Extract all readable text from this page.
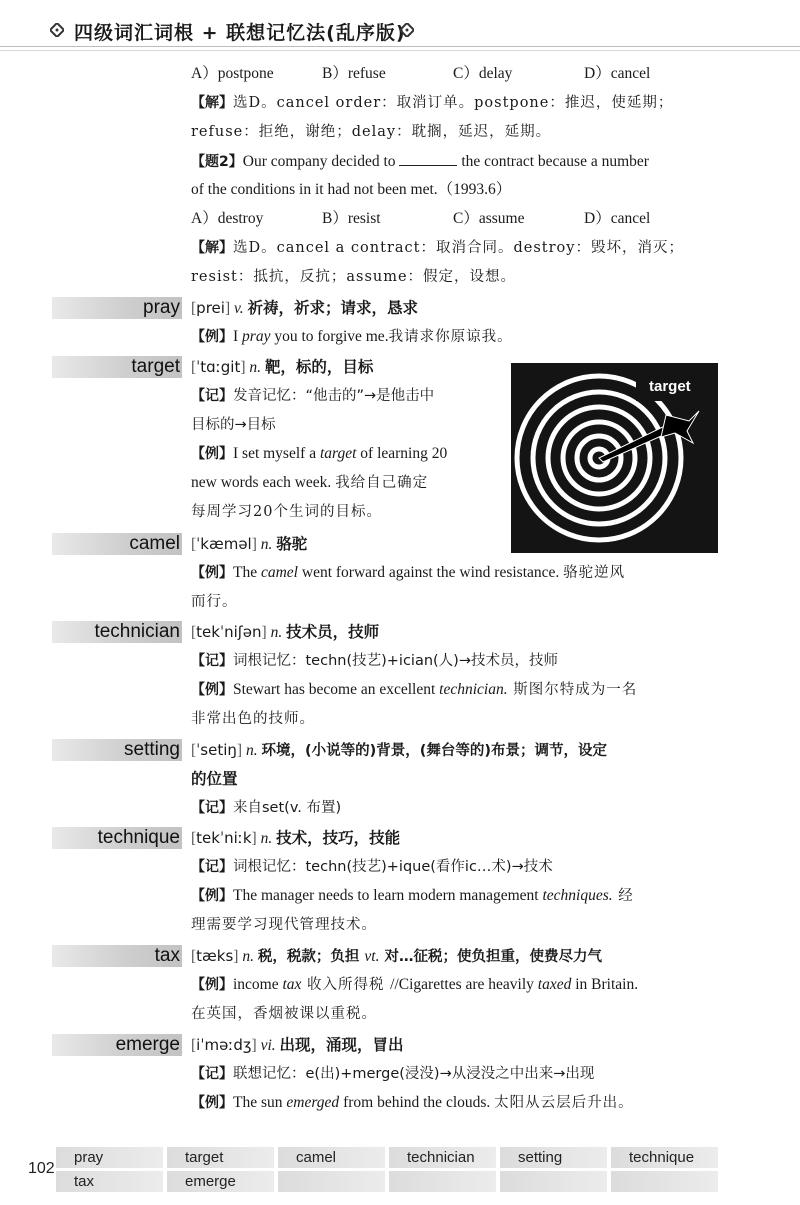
四级词汇词根 + 联想记忆法(乱序版)
A）postpone	B）refuse	C）delay	D）cancel
【解】选D。cancel order：取消订单。postpone：推迟，使延期；
refuse：拒绝，谢绝；delay：耽搁，延迟，延期。
【题2】Our company decided to	the contract because a number
of the conditions in it had not been met.（1993.6）
A）destroy	B）resist	C）assume	D）cancel
【解】选D。cancel a contract：取消合同。destroy：毁坏，消灭；
resist：抵抗，反抗；assume：假定，设想。
pray [prei] v. 祈祷，祈求；请求，恳求
【例】I pray you to forgive me.我请求你原谅我。
target [ˈtɑːgit] n. 靶，标的，目标
【记】发音记忆：“他击的”→是他击中
目标的→目标
【例】I set myself a target of learning 20
new words each week. 我给自己确定
每周学习20个生词的目标。
target
camel [ˈkæməl] n. 骆驼
【例】The camel went forward against the wind resistance. 骆驼逆风
而行。
technician [tekˈniʃən] n. 技术员，技师
【记】词根记忆：techn(技艺)+ician(人)→技术员，技师
【例】Stewart has become an excellent technician. 斯图尔特成为一名
非常出色的技师。
setting [ˈsetiŋ] n. 环境，(小说等的)背景，(舞台等的)布景；调节，设定
的位置
【记】来自set(v. 布置)
technique [tekˈniːk] n. 技术，技巧，技能
【记】词根记忆：techn(技艺)+ique(看作ic…术)→技术
【例】The manager needs to learn modern management techniques. 经
理需要学习现代管理技术。
tax [tæks] n. 税，税款；负担 vt. 对…征税；使负担重，使费尽力气
【例】income tax 收入所得税 //Cigarettes are heavily taxed in Britain.
在英国，香烟被课以重税。
emerge [iˈməːdʒ] vi. 出现，涌现，冒出
【记】联想记忆：e(出)+merge(浸没)→从浸没之中出来→出现
【例】The sun emerged from behind the clouds. 太阳从云层后升出。
102
pray	target	camel	technician	setting	technique
tax	emerge
